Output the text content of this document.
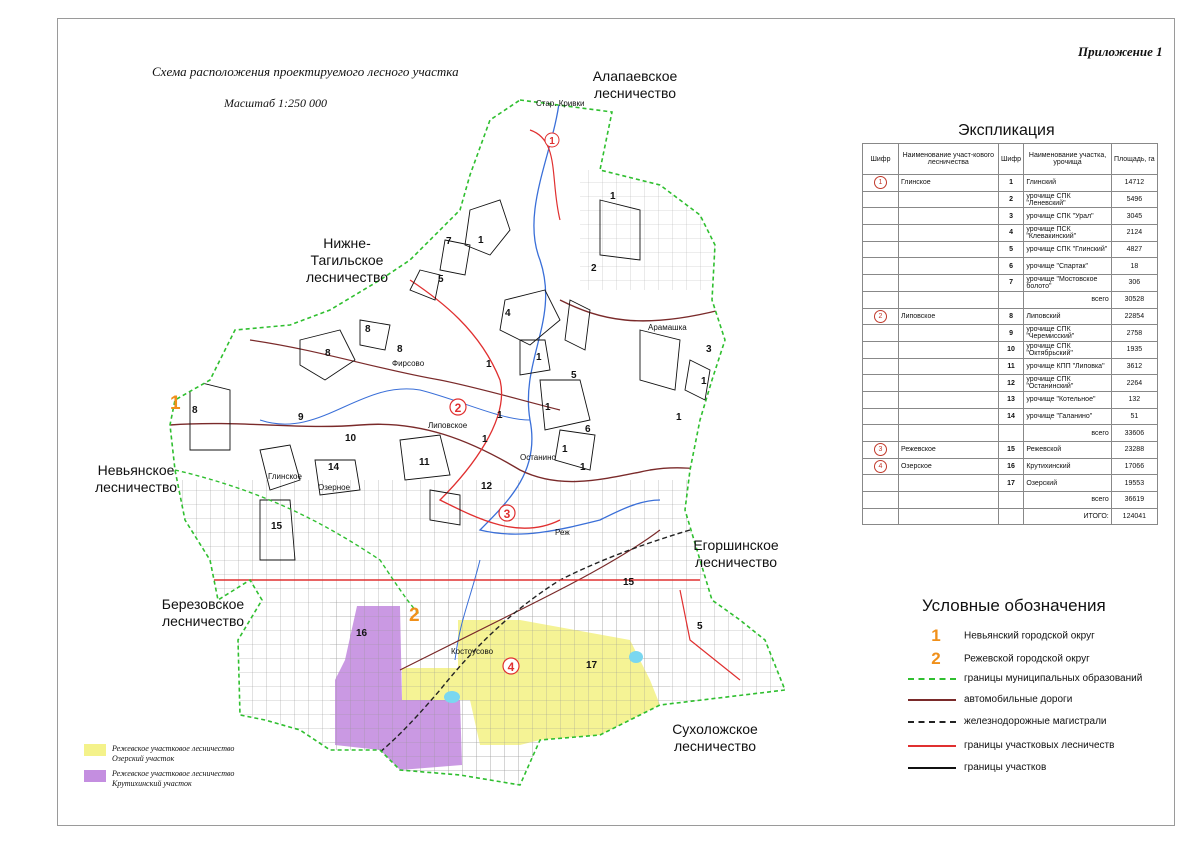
Приложение 1
Схема расположения проектируемого лесного участка
Масштаб 1:250 000
2
3
4
1
1
2
Стар. Кривки
Арамашка
Фирсово
Липовское
Останино
Реж
Костоусово
Глинское
Озерное
1
1
1
1
1
1
1
1
1
1
1
2
3
4
5
5
5
6
7
8
8	8
8
9
10
11
12
14
15
15
16
17
Алапаевское лесничество
Нижне-Тагильское лесничество
Невьянское лесничество
Егоршинское лесничество
Березовское лесничество
Сухоложское лесничество
Экспликация
Шифр	Наименование участ-кового лесничества	Шифр	Наименование участка, урочища	Площадь, га
1	Глинское	1	Глинский	14712
		2	урочище СПК "Леневский"	5496
		3	урочище СПК "Урал"	3045
		4	урочище ПСК "Клевакинский"	2124
		5	урочище СПК "Глинский"	4827
		6	урочище "Спартак"	18
		7	урочище "Мостовское болото"	306
			всего	30528
2	Липовское	8	Липовский	22854
		9	урочище СПК "Черемисский"	2758
		10	урочище СПК "Октябрьский"	1935
		11	урочище КПП "Липовка"	3612
		12	урочище СПК "Останинский"	2264
		13	урочище "Котельное"	132
		14	урочище "Галанино"	51
			всего	33606
3	Режевское	15	Режевской	23288
4	Озерское	16	Крутихинский	17066
		17	Озерский	19553
			всего	36619
			ИТОГО:	124041
Условные обозначения
1 Невьянский городской округ
2 Режевской городской округ
границы муниципальных образований
автомобильные дороги
железнодорожные магистрали
границы участковых лесничеств
границы участков
Режевское участковое лесничество Озерский участок
Режевское участковое лесничество Крутихинский участок
